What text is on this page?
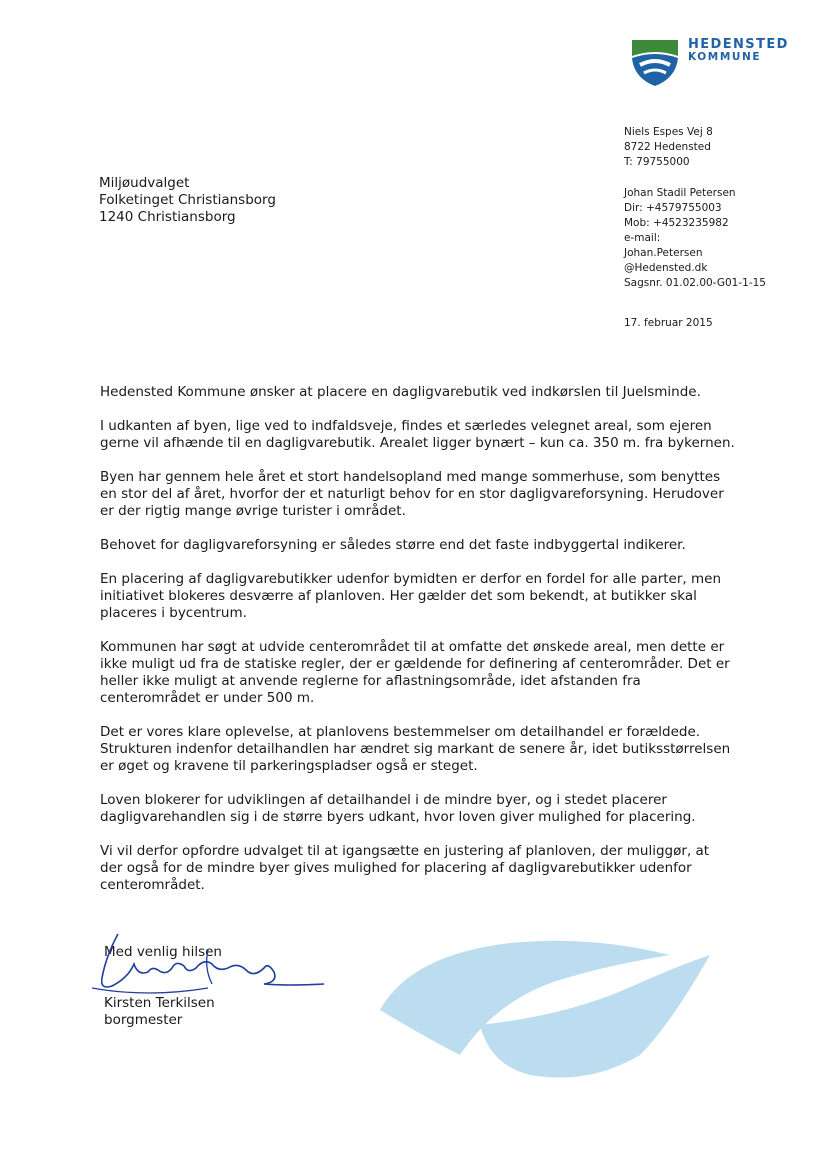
HEDENSTED
KOMMUNE
Niels Espes Vej 8
8722 Hedensted
T: 79755000
Johan Stadil Petersen
Dir: +4579755003
Mob: +4523235982
e-mail:
Johan.Petersen
@Hedensted.dk
Sagsnr. 01.02.00-G01-1-15
17. februar 2015
Miljøudvalget
Folketinget Christiansborg
1240 Christiansborg

Hedensted Kommune ønsker at placere en dagligvarebutik ved indkørslen til Juelsminde.

I udkanten af byen, lige ved to indfaldsveje, findes et særledes velegnet areal, som ejeren gerne vil afhænde til en dagligvarebutik. Arealet ligger bynært – kun ca. 350 m. fra bykernen.

Byen har gennem hele året et stort handelsopland med mange sommerhuse, som benyttes en stor del af året, hvorfor der et naturligt behov for en stor dagligvareforsyning. Herudover er der rigtig mange øvrige turister i området.

Behovet for dagligvareforsyning er således større end det faste indbyggertal indikerer.

En placering af dagligvarebutikker udenfor bymidten er derfor en fordel for alle parter, men initiativet blokeres desværre af planloven. Her gælder det som bekendt, at butikker skal placeres i bycentrum.

Kommunen har søgt at udvide centerområdet til at omfatte det ønskede areal, men dette er ikke muligt ud fra de statiske regler, der er gældende for definering af centerområder. Det er heller ikke muligt at anvende reglerne for aflastningsområde, idet afstanden fra centerområdet er under 500 m.

Det er vores klare oplevelse, at planlovens bestemmelser om detailhandel er forældede. Strukturen indenfor detailhandlen har ændret sig markant de senere år, idet butiksstørrelsen er øget og kravene til parkeringspladser også er steget.

Loven blokerer for udviklingen af detailhandel i de mindre byer, og i stedet placerer dagligvarehandlen sig i de større byers udkant, hvor loven giver mulighed for placering.

Vi vil derfor opfordre udvalget til at igangsætte en justering af planloven, der muliggør, at der også for de mindre byer gives mulighed for placering af dagligvarebutikker udenfor centerområdet.

Med venlig hilsen
Kirsten Terkilsen
borgmester
